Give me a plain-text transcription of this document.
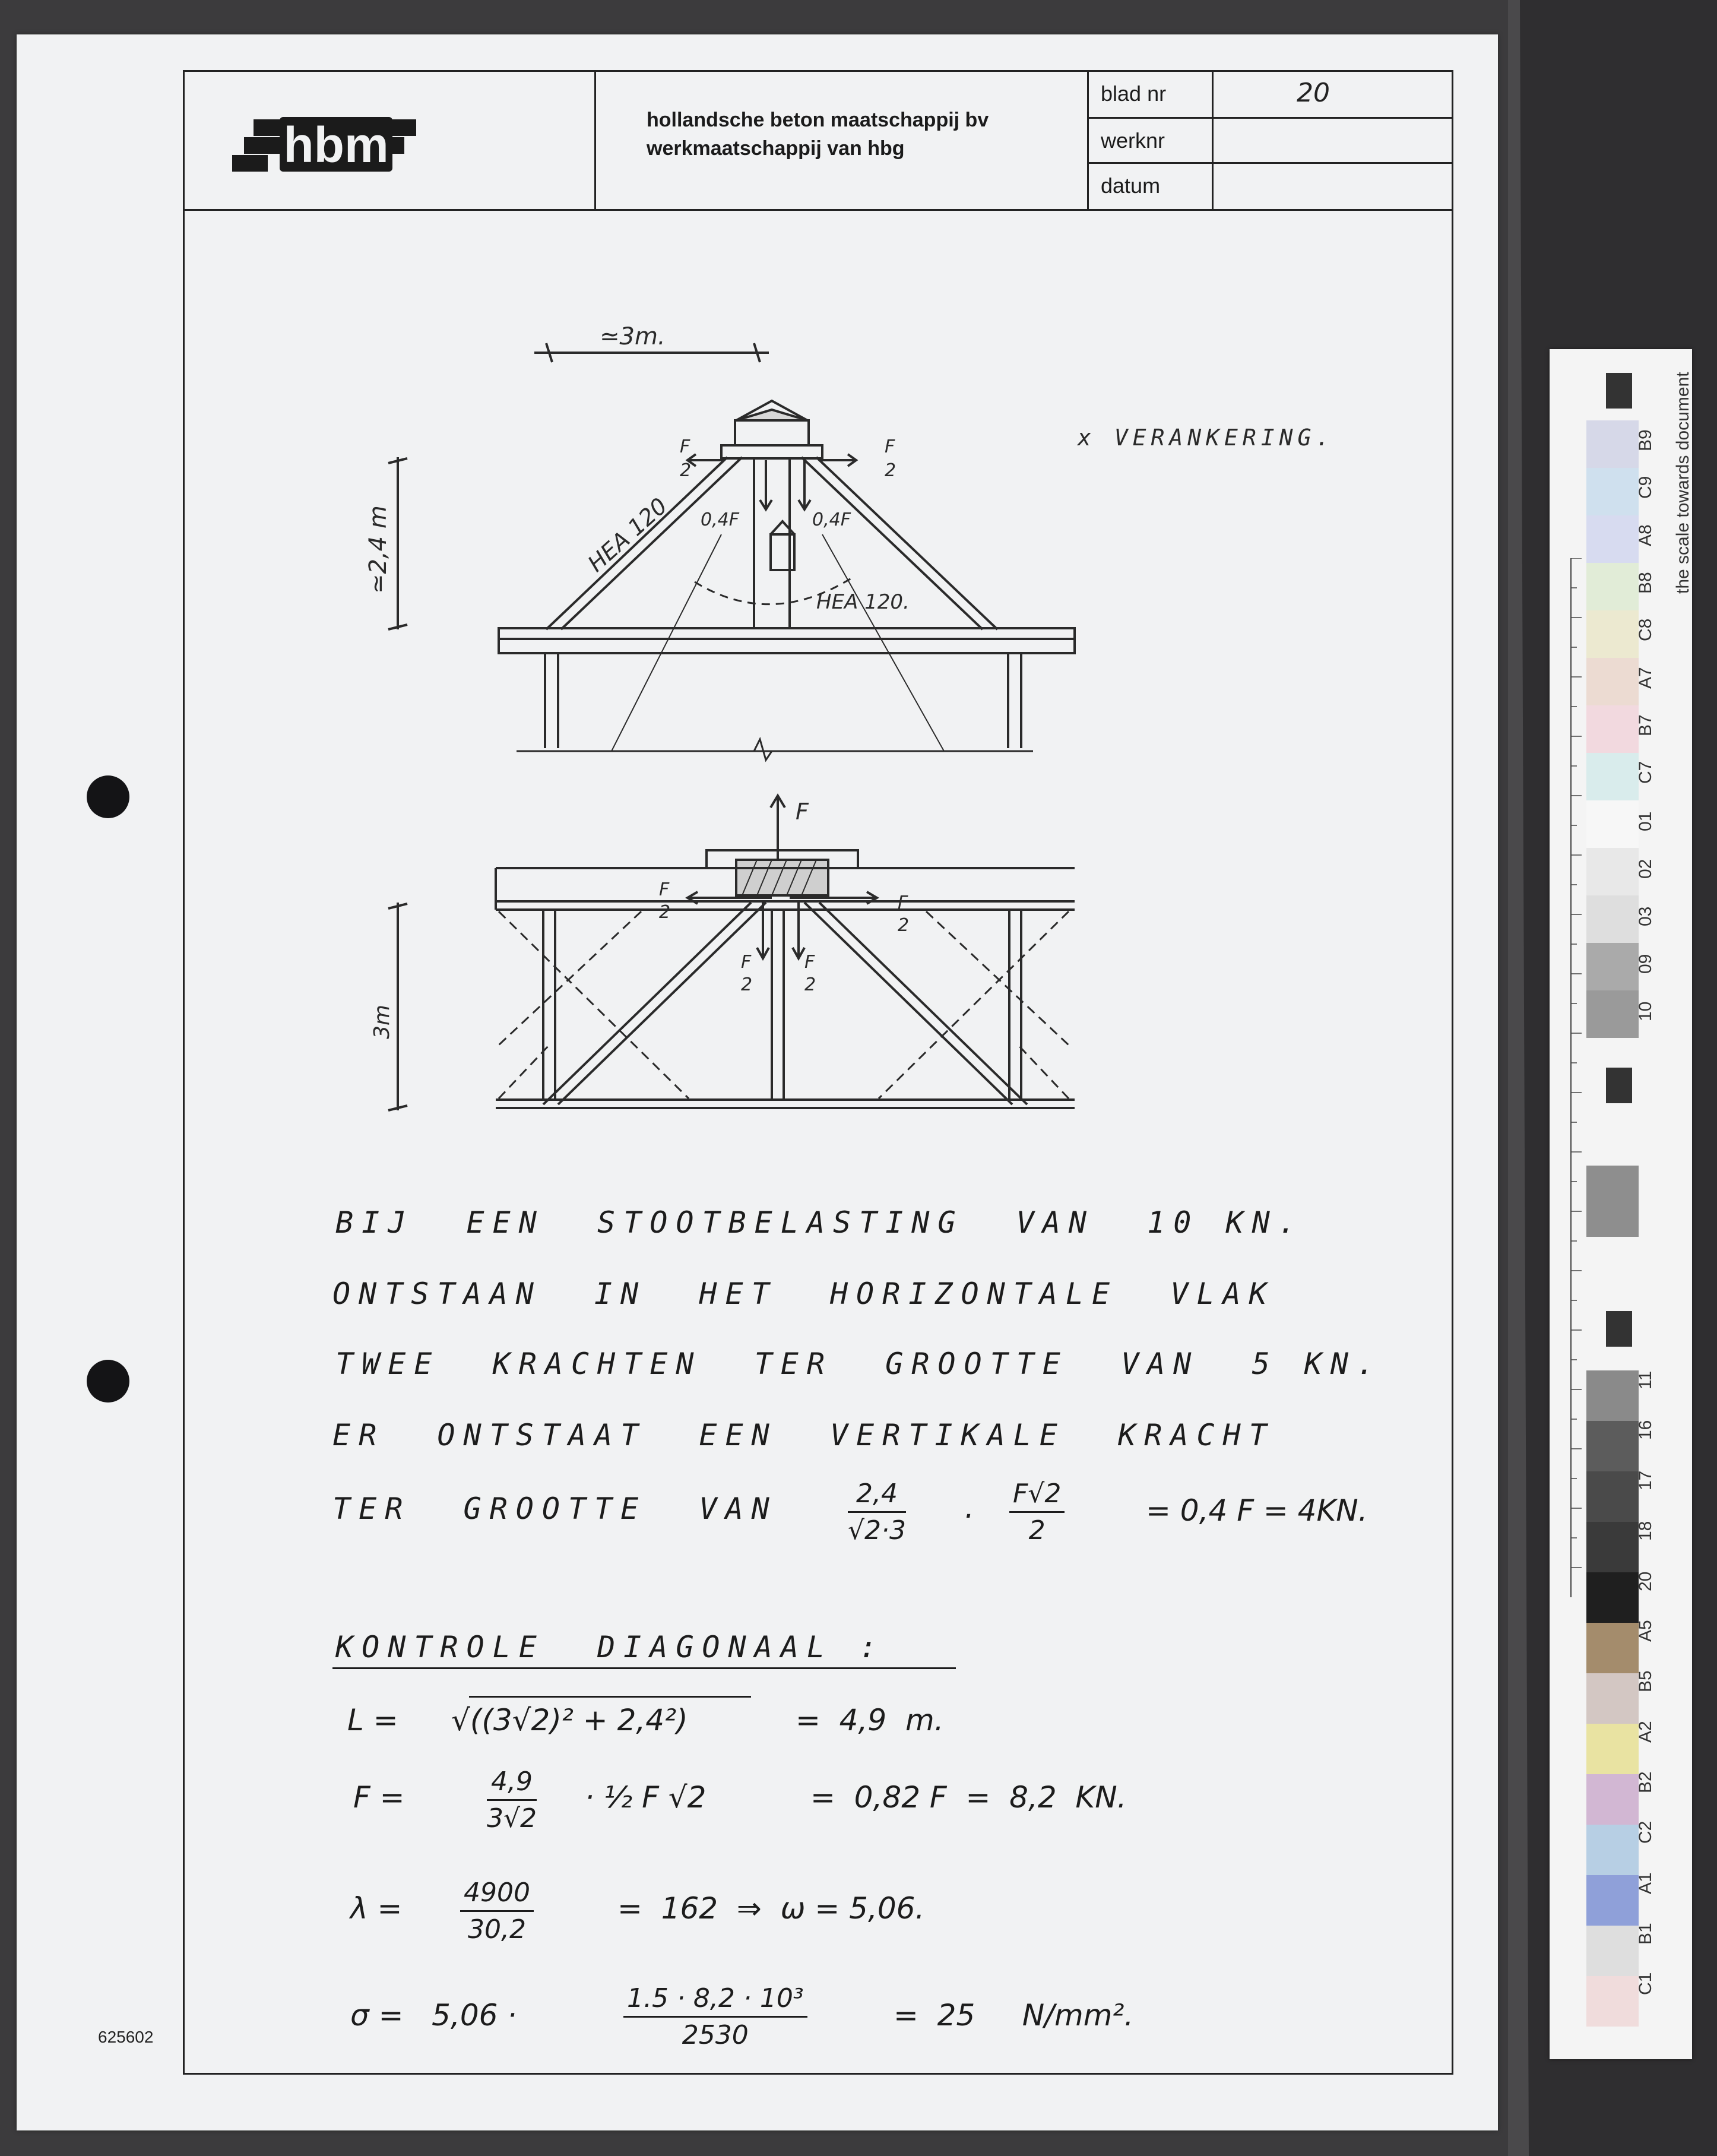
hbm	hollandsche beton maatschappij bv
werkmaatschappij van hbg
blad nr	20
werknr
datum
≃3m.
≃2,4 m
F
2
F
2
0,4F	0,4F
HEA 120
HEA 120.
x VERANKERING.
F
3m
F
2	F
2
F
2
F
2
BIJ  EEN  STOOTBELASTING  VAN  10 KN.
ONTSTAAN  IN  HET  HORIZONTALE  VLAK
TWEE  KRACHTEN  TER  GROOTTE  VAN  5 KN.
ER  ONTSTAAT  EEN  VERTIKALE  KRACHT
TER  GROOTTE  VAN	$\frac{2,4}{√2\cdot 3}$ . $\frac{F√2}{2}$	= 0,4 F = 4KN.
KONTROLE  DIAGONAAL :
L = √((3√2)² + 2,4²)	=  4,9  m.
F =	$\frac{4,9}{3√2}$ · ½ F √2	=  0,82 F  =  8,2  KN.
$\lambda = \frac{4900}{30,2}$	=  162  ⇒  ω = 5,06.
σ =   5,06 ·	$\frac{\text{1.5 · 8,2 · 10³}}{2530}$	=  25     N/mm².
625602
the scale towards document
B9
C9
A8
B8
C8
A7
B7
C7
01
02
03
09
10
11
16
17
18
20
A5
B5
A2
B2
C2
A1
B1
C1
